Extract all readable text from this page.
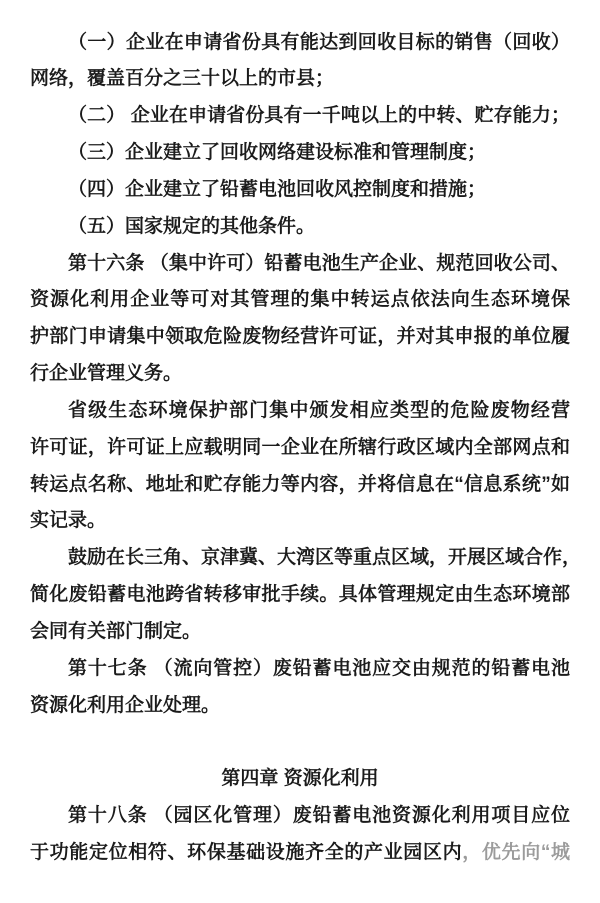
（一）企业在申请省份具有能达到回收目标的销售（回收）
网络，覆盖百分之三十以上的市县；
（二） 企业在申请省份具有一千吨以上的中转、贮存能力；
（三）企业建立了回收网络建设标准和管理制度；
（四）企业建立了铅蓄电池回收风控制度和措施；
（五）国家规定的其他条件。
第十六条 （集中许可）铅蓄电池生产企业、规范回收公司、
资源化利用企业等可对其管理的集中转运点依法向生态环境保
护部门申请集中领取危险废物经营许可证，并对其申报的单位履
行企业管理义务。
省级生态环境保护部门集中颁发相应类型的危险废物经营
许可证，许可证上应载明同一企业在所辖行政区域内全部网点和
转运点名称、地址和贮存能力等内容，并将信息在“信息系统”如
实记录。
鼓励在长三角、京津冀、大湾区等重点区域，开展区域合作，
简化废铅蓄电池跨省转移审批手续。具体管理规定由生态环境部
会同有关部门制定。
第十七条 （流向管控）废铅蓄电池应交由规范的铅蓄电池
资源化利用企业处理。
第四章 资源化利用
第十八条 （园区化管理）废铅蓄电池资源化利用项目应位
于功能定位相符、环保基础设施齐全的产业园区内，优先向“城
